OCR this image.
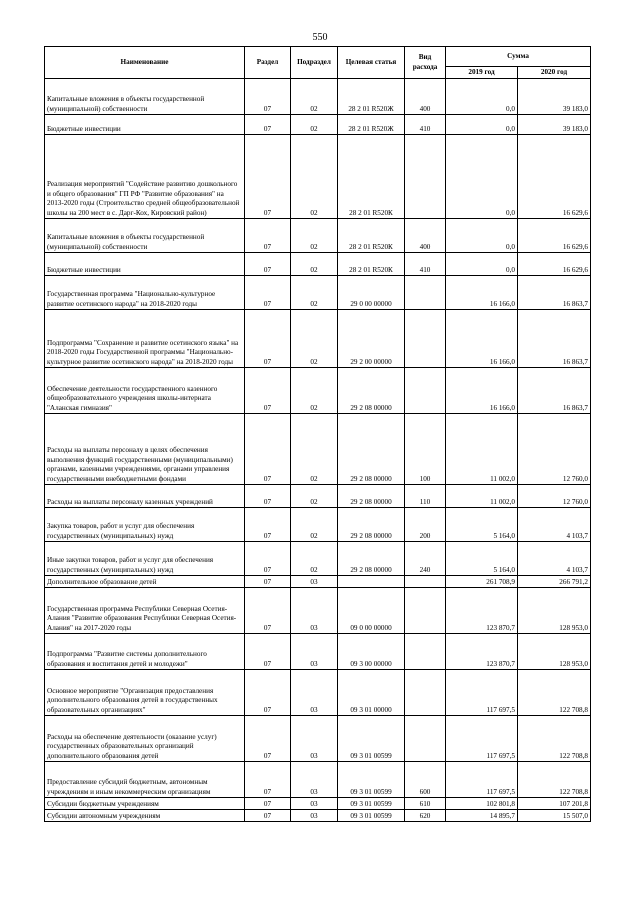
550
Наименование	Раздел	Подраздел	Целевая статья	Вид расхода	Сумма	
					2019 год	2020 год
Капитальные вложения в объекты государственной (муниципальной) собственности	07	02	28 2 01 R520Ж	400	0,0	39 183,0
Бюджетные инвестиции	07	02	28 2 01 R520Ж	410	0,0	39 183,0
Реализация мероприятий "Содействие развитию дошкольного и общего образования" ГП РФ "Развитие образования" на 2013-2020 годы (Строительство средней общеобразовательной школы на 200 мест в с. Дарг-Кох, Кировский район)	07	02	28 2 01 R520К		0,0	16 629,6
Капитальные вложения в объекты государственной (муниципальной) собственности	07	02	28 2 01 R520К	400	0,0	16 629,6
Бюджетные инвестиции	07	02	28 2 01 R520К	410	0,0	16 629,6
Государственная программа "Национально-культурное развитие осетинского народа" на 2018-2020 годы	07	02	29 0 00 00000		16 166,0	16 863,7
Подпрограмма "Сохранение и развитие осетинского языка" на 2018-2020 годы Государственной программы "Национально-культурное развитие осетинского народа" на 2018-2020 годы	07	02	29 2 00 00000		16 166,0	16 863,7
Обеспечение деятельности государственного казенного общеобразовательного учреждения школы-интерната "Аланская гимназия"	07	02	29 2 08 00000		16 166,0	16 863,7
Расходы на выплаты персоналу в целях обеспечения выполнения функций государственными (муниципальными) органами, казенными учреждениями, органами управления государственными внебюджетными фондами	07	02	29 2 08 00000	100	11 002,0	12 760,0
Расходы на выплаты персоналу казенных учреждений	07	02	29 2 08 00000	110	11 002,0	12 760,0
Закупка товаров, работ и услуг для обеспечения государственных (муниципальных) нужд	07	02	29 2 08 00000	200	5 164,0	4 103,7
Иные закупки товаров, работ и услуг для обеспечения государственных (муниципальных) нужд	07	02	29 2 08 00000	240	5 164,0	4 103,7
Дополнительное образование детей	07	03			261 708,9	266 791,2
Государственная программа Республики Северная Осетия-Алания "Развитие образования Республики Северная Осетия-Алания" на 2017-2020 годы	07	03	09 0 00 00000		123 870,7	128 953,0
Подпрограмма "Развитие системы дополнительного образования и воспитания детей и молодежи"	07	03	09 3 00 00000		123 870,7	128 953,0
Основное мероприятие "Организация предоставления дополнительного образования детей в государственных образовательных организациях"	07	03	09 3 01 00000		117 697,5	122 708,8
Расходы на обеспечение деятельности (оказание услуг) государственных образовательных организаций дополнительного образования детей	07	03	09 3 01 00599		117 697,5	122 708,8
Предоставление субсидий бюджетным, автономным учреждениям и иным некоммерческим организациям	07	03	09 3 01 00599	600	117 697,5	122 708,8
Субсидии бюджетным учреждениям	07	03	09 3 01 00599	610	102 801,8	107 201,8
Субсидии автономным учреждениям	07	03	09 3 01 00599	620	14 895,7	15 507,0
